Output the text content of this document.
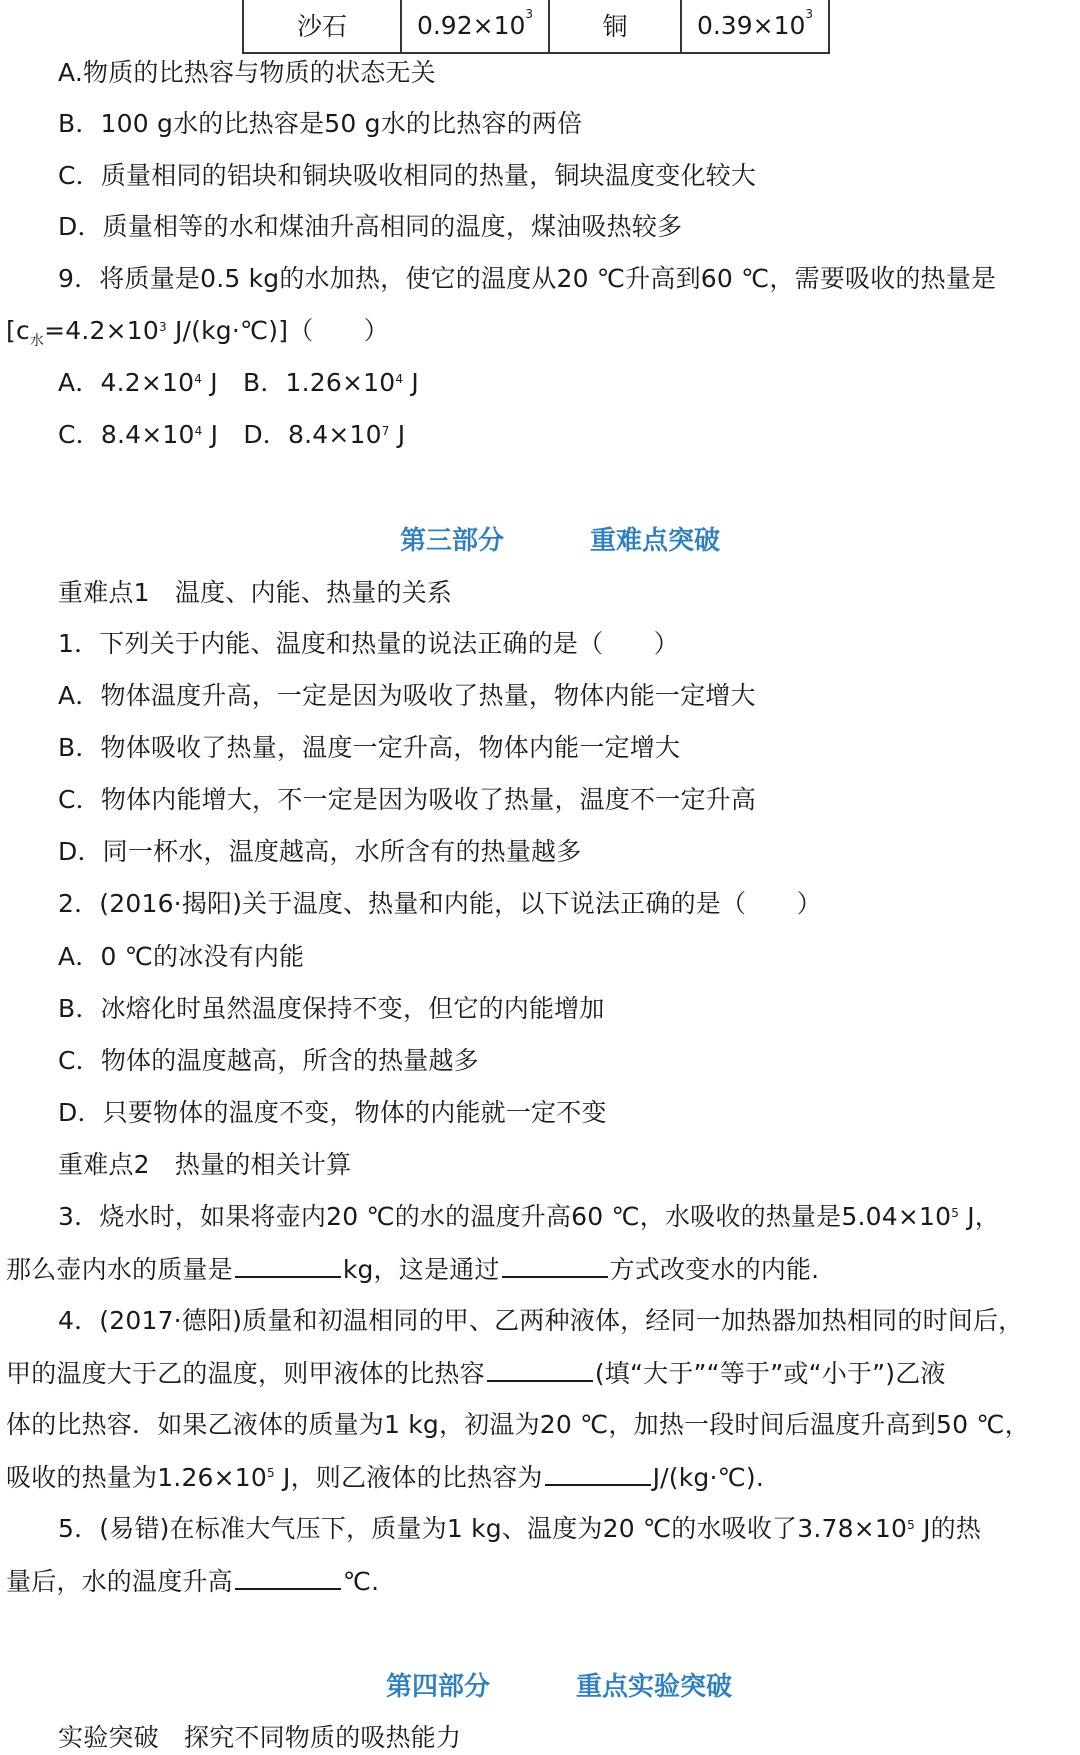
沙石	$0.92\times 10^3$	铜	$0.39\times 10^3$
A.物质的比热容与物质的状态无关
B．100 g水的比热容是50 g水的比热容的两倍
C．质量相同的铝块和铜块吸收相同的热量，铜块温度变化较大
D．质量相等的水和煤油升高相同的温度，煤油吸热较多
9．将质量是0.5 kg的水加热，使它的温度从20 ℃升高到60 ℃，需要吸收的热量是
[$c_水=4.2\times 10^3$ J/(kg·℃)]（　　）
A．$4.2\times 10^4$ J　B．$1.26\times 10^4$ J
C．$8.4\times 10^4$ J　D．$8.4\times 10^7$ J
第三部分	重难点突破
重难点1　温度、内能、热量的关系
1．下列关于内能、温度和热量的说法正确的是（　　）
A．物体温度升高，一定是因为吸收了热量，物体内能一定增大
B．物体吸收了热量，温度一定升高，物体内能一定增大
C．物体内能增大，不一定是因为吸收了热量，温度不一定升高
D．同一杯水，温度越高，水所含有的热量越多
2．(2016·揭阳)关于温度、热量和内能，以下说法正确的是（　　）
A．0 ℃的冰没有内能
B．冰熔化时虽然温度保持不变，但它的内能增加
C．物体的温度越高，所含的热量越多
D．只要物体的温度不变，物体的内能就一定不变
重难点2　热量的相关计算
3．烧水时，如果将壶内20 ℃的水的温度升高60 ℃，水吸收的热量是$5.04\times 10^5$ J，
那么壶内水的质量是	kg，这是通过	方式改变水的内能.
4．(2017·德阳)质量和初温相同的甲、乙两种液体，经同一加热器加热相同的时间后，
甲的温度大于乙的温度，则甲液体的比热容	(填“大于”“等于”或“小于”)乙液
体的比热容．如果乙液体的质量为1 kg，初温为20 ℃，加热一段时间后温度升高到50 ℃，
吸收的热量为$1.26\times 10^5$ J，则乙液体的比热容为	J/(kg·℃).
5．(易错)在标准大气压下，质量为1 kg、温度为20 ℃的水吸收了$3.78\times 10^5$ J的热
量后，水的温度升高	℃.
第四部分	重点实验突破
实验突破　探究不同物质的吸热能力
